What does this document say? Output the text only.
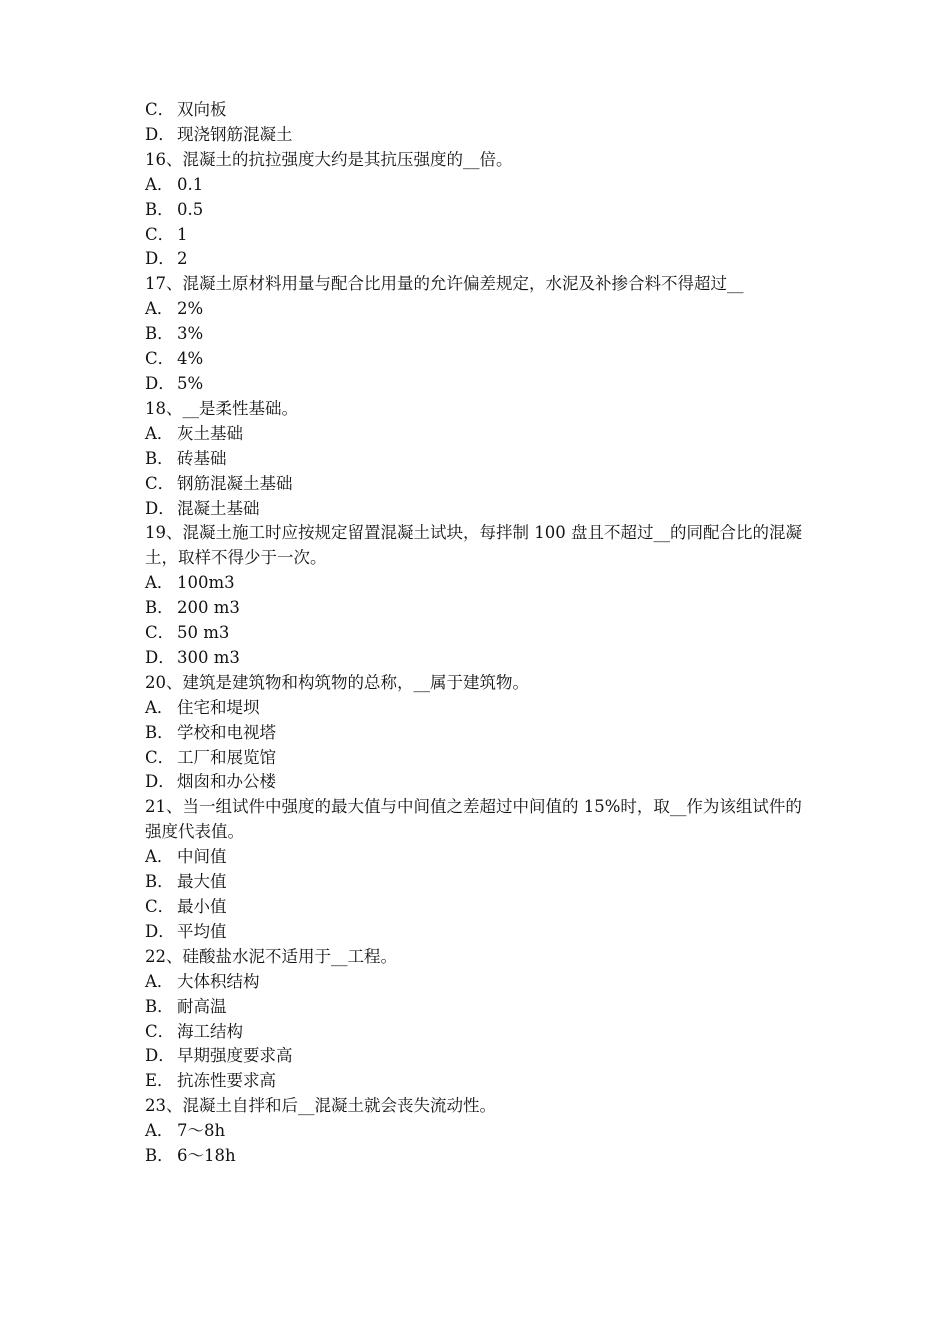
C． 双向板
D． 现浇钢筋混凝土
16、混凝土的抗拉强度大约是其抗压强度的__倍。
A． 0.1
B． 0.5
C． 1
D． 2
17、混凝土原材料用量与配合比用量的允许偏差规定，水泥及补掺合料不得超过__
A． 2%
B． 3%
C． 4%
D． 5%
18、__是柔性基础。
A． 灰土基础
B． 砖基础
C． 钢筋混凝土基础
D． 混凝土基础
19、混凝土施工时应按规定留置混凝土试块，每拌制 100 盘且不超过__的同配合比的混凝土，取样不得少于一次。
A． 100m3
B． 200 m3
C． 50 m3
D． 300 m3
20、建筑是建筑物和构筑物的总称，__属于建筑物。
A． 住宅和堤坝
B． 学校和电视塔
C． 工厂和展览馆
D． 烟囱和办公楼
21、当一组试件中强度的最大值与中间值之差超过中间值的 15%时，取__作为该组试件的强度代表值。
A． 中间值
B． 最大值
C． 最小值
D． 平均值
22、硅酸盐水泥不适用于__工程。
A． 大体积结构
B． 耐高温
C． 海工结构
D． 早期强度要求高
E． 抗冻性要求高
23、混凝土自拌和后__混凝土就会丧失流动性。
A． 7～8h
B． 6～18h
